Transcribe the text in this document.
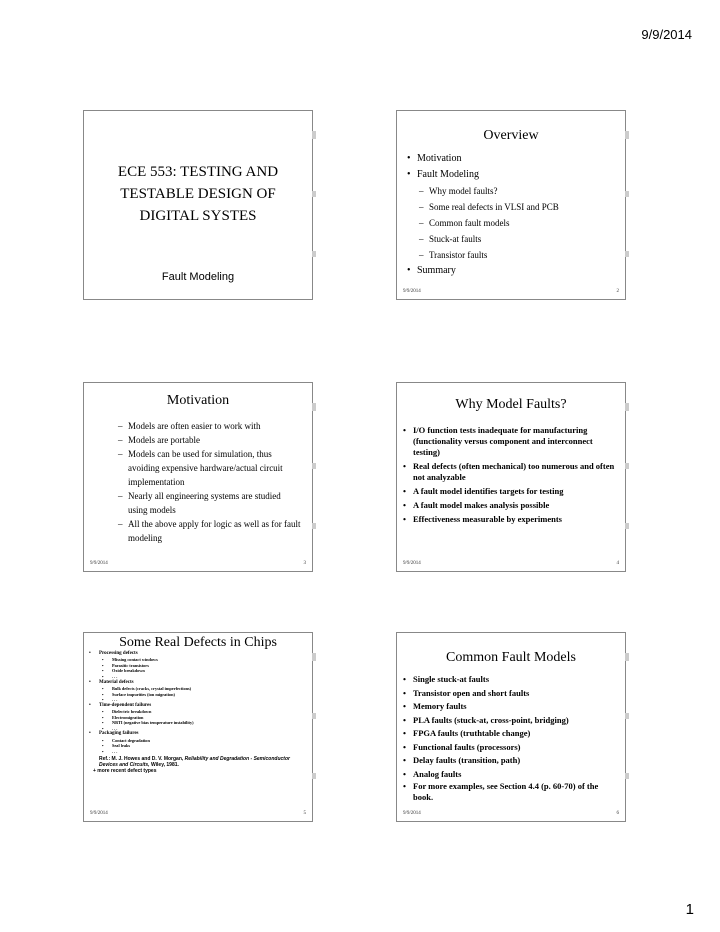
9/9/2014
ECE 553: TESTING AND TESTABLE DESIGN OF DIGITAL SYSTES
Fault Modeling
Overview
• Motivation
• Fault Modeling
– Why model faults?
– Some real defects in VLSI and PCB
– Common fault models
– Stuck-at faults
– Transistor faults
• Summary
9/9/2014	2
Motivation
– Models are often easier to work with
– Models are portable
– Models can be used for simulation, thus avoiding expensive hardware/actual circuit implementation
– Nearly all engineering systems are studied using models
– All the above apply for logic as well as for fault modeling
9/9/2014	3
Why Model Faults?
• I/O function tests inadequate for manufacturing (functionality versus component and interconnect testing)
• Real defects (often mechanical) too numerous and often not analyzable
• A fault model identifies targets for testing
• A fault model makes analysis possible
• Effectiveness measurable by experiments
9/9/2014	4
Some Real Defects in Chips
• Processing defects
• Missing contact windows
• Parasitic transistors
• Oxide breakdown
• . . .
• Material defects
• Bulk defects (cracks, crystal imperfections)
• Surface impurities (ion migration)
• . . .
• Time-dependent failures
• Dielectric breakdown
• Electromigration
• NBTI (negative bias temperature instability)
• . . .
• Packaging failures
• Contact degradation
• Seal leaks
• . . .
Ref.: M. J. Howes and D. V. Morgan, Reliability and Degradation - Semiconductor Devices and Circuits, Wiley, 1981.
+ more recent defect types
9/9/2014	5
Common Fault Models
• Single stuck-at faults
• Transistor open and short faults
• Memory faults
• PLA faults (stuck-at, cross-point, bridging)
• FPGA faults (truthtable change)
• Functional faults (processors)
• Delay faults (transition, path)
• Analog faults
• For more examples, see Section 4.4 (p. 60-70) of the book.
9/9/2014	6
1
